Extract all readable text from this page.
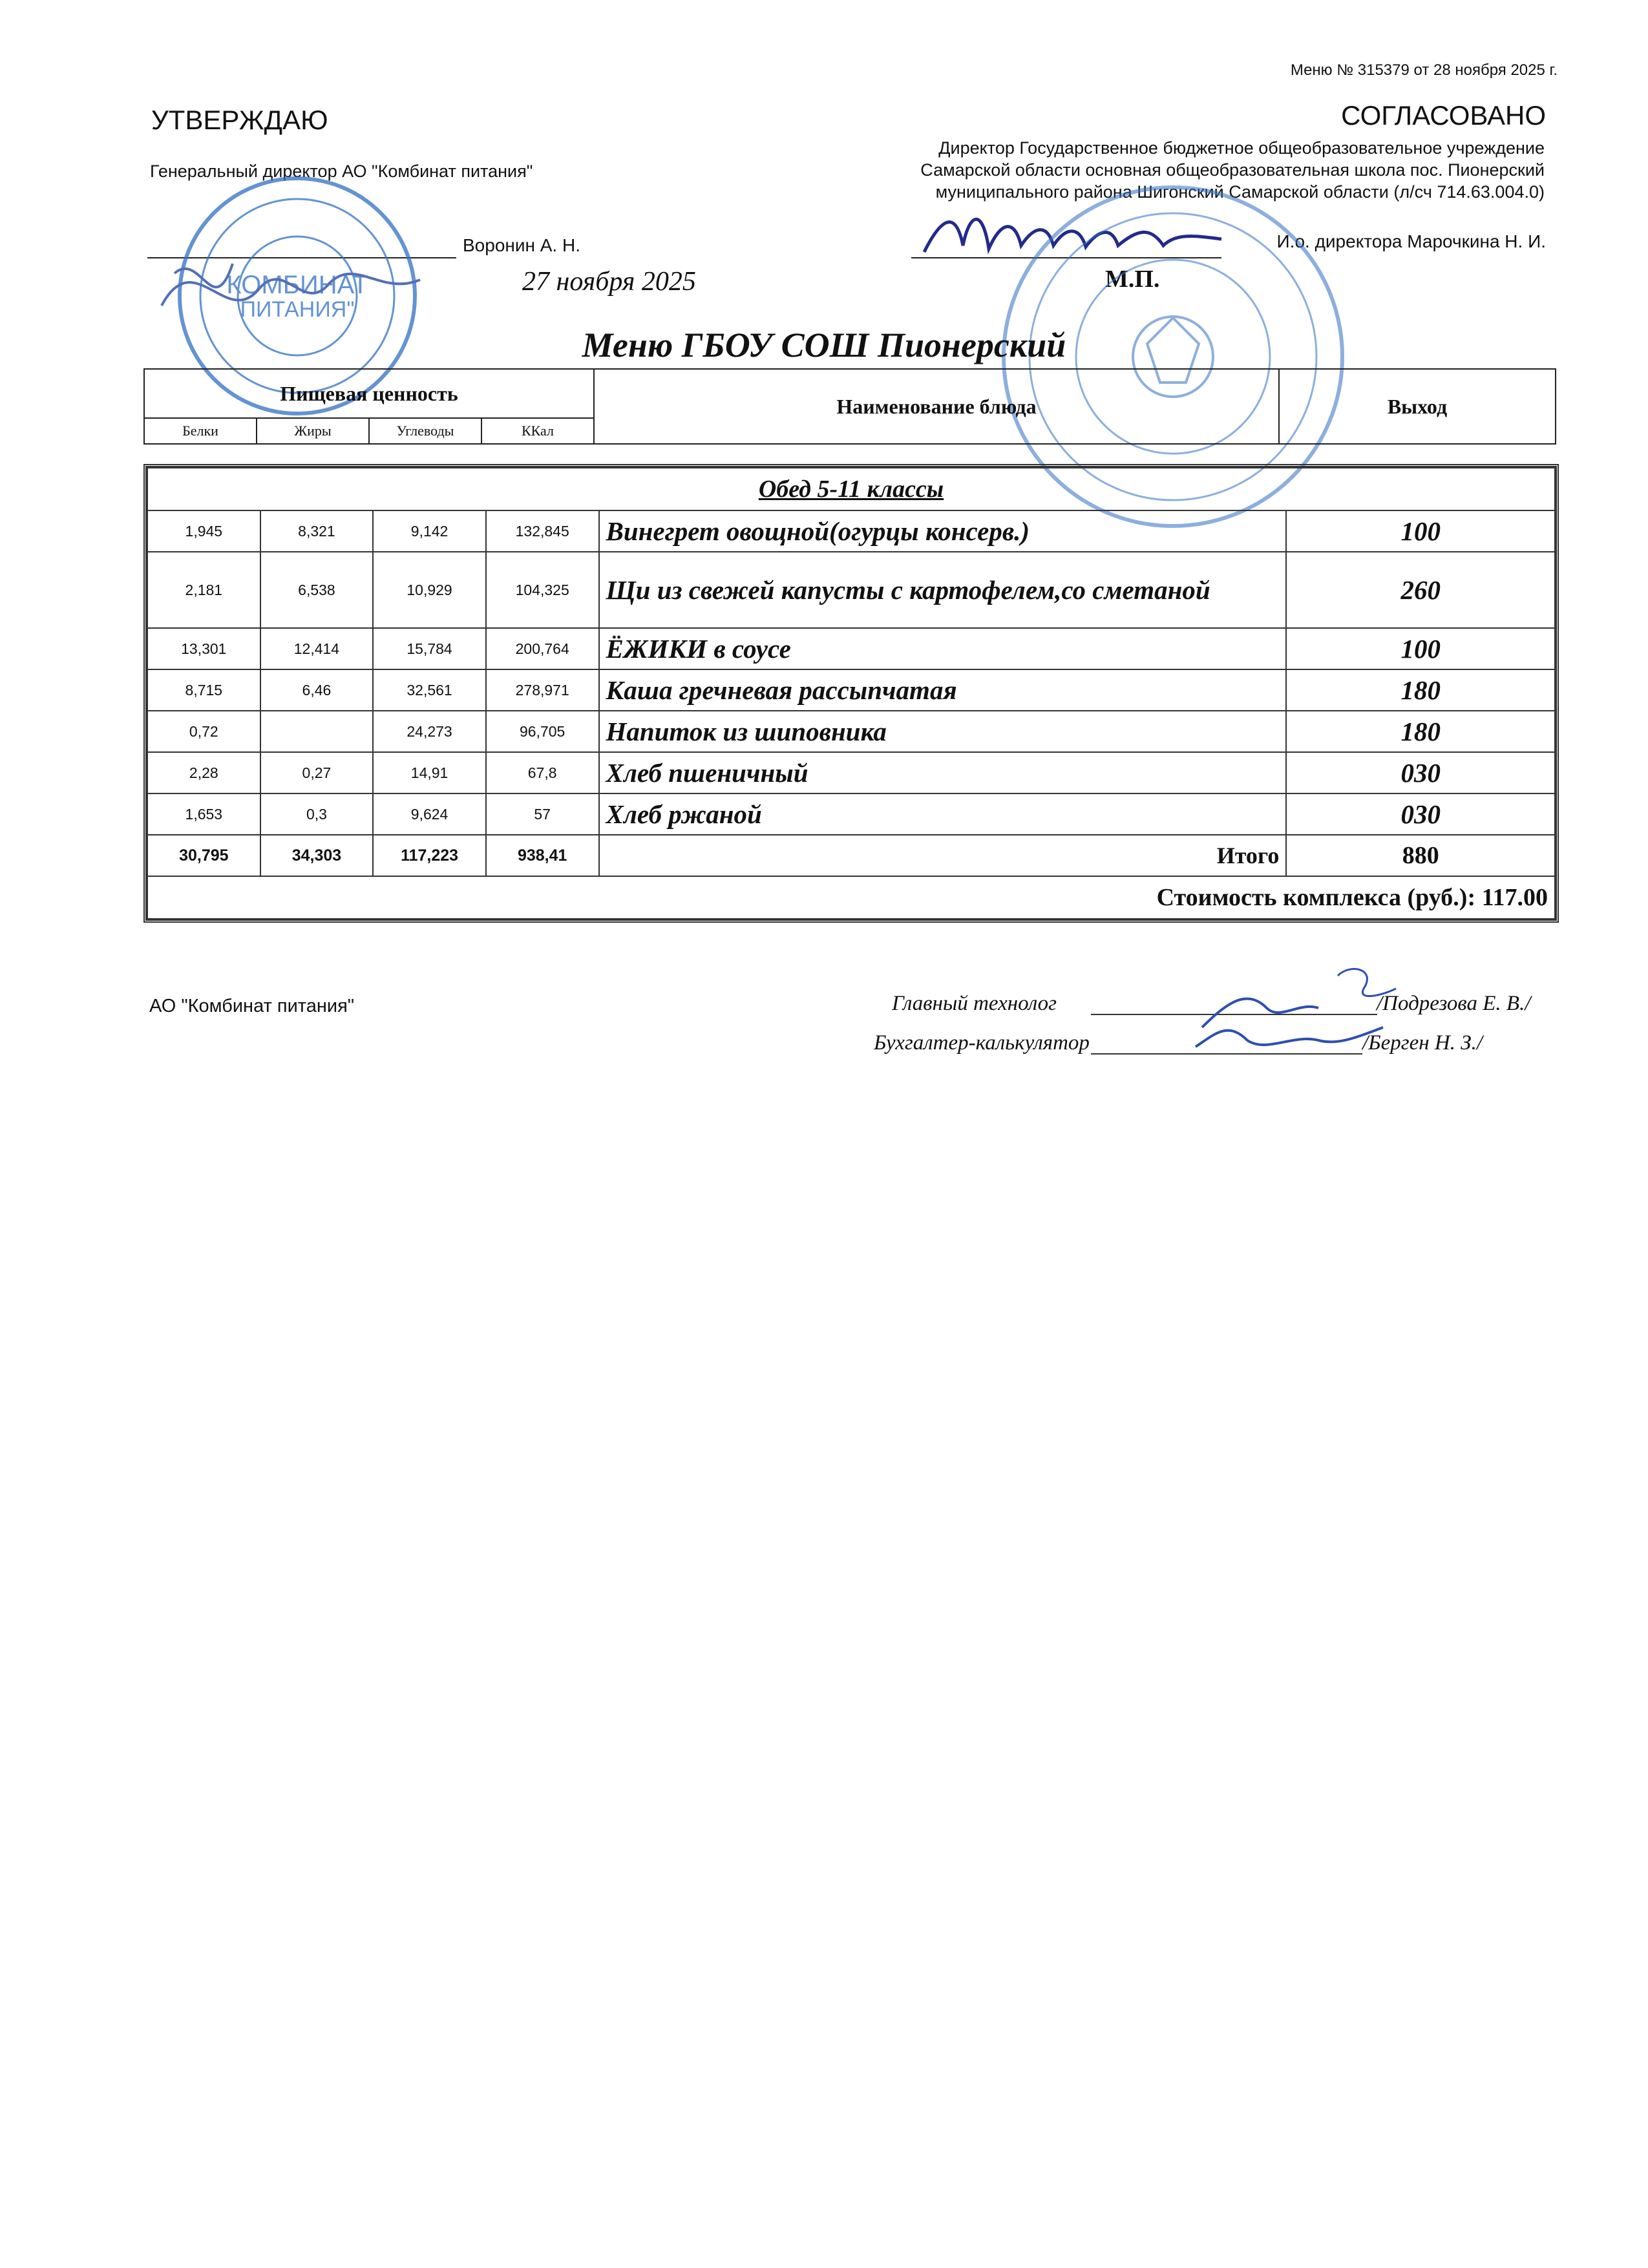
Меню № 315379 от 28 ноября 2025 г.
УТВЕРЖДАЮ
Генеральный директор АО "Комбинат питания"
Воронин А. Н.
27 ноября 2025
КОМБИНАТ
ПИТАНИЯ"
СОГЛАСОВАНО
Директор Государственное бюджетное общеобразовательное учреждение Самарской области основная общеобразовательная школа пос. Пионерский муниципального района Шигонский Самарской области (л/сч 714.63.004.0)
И.о. директора Марочкина Н. И.
М.П.
Меню ГБОУ СОШ Пионерский
Пищевая ценность				Наименование блюда	Выход
Белки	Жиры	Углеводы	ККал		
Обед 5-11 классы					
1,945	8,321	9,142	132,845	Винегрет овощной(огурцы консерв.)	100
2,181	6,538	10,929	104,325	Щи из свежей капусты с картофелем,со сметаной	260
13,301	12,414	15,784	200,764	ЁЖИКИ в соусе	100
8,715	6,46	32,561	278,971	Каша гречневая рассыпчатая	180
0,72		24,273	96,705	Напиток из шиповника	180
2,28	0,27	14,91	67,8	Хлеб пшеничный	030
1,653	0,3	9,624	57	Хлеб ржаной	030
30,795	34,303	117,223	938,41	Итого	880
Стоимость комплекса (руб.): 117.00					
АО "Комбинат питания"	Главный технолог	/Подрезова Е. В./
Бухгалтер-калькулятор	/Берген Н. З./
